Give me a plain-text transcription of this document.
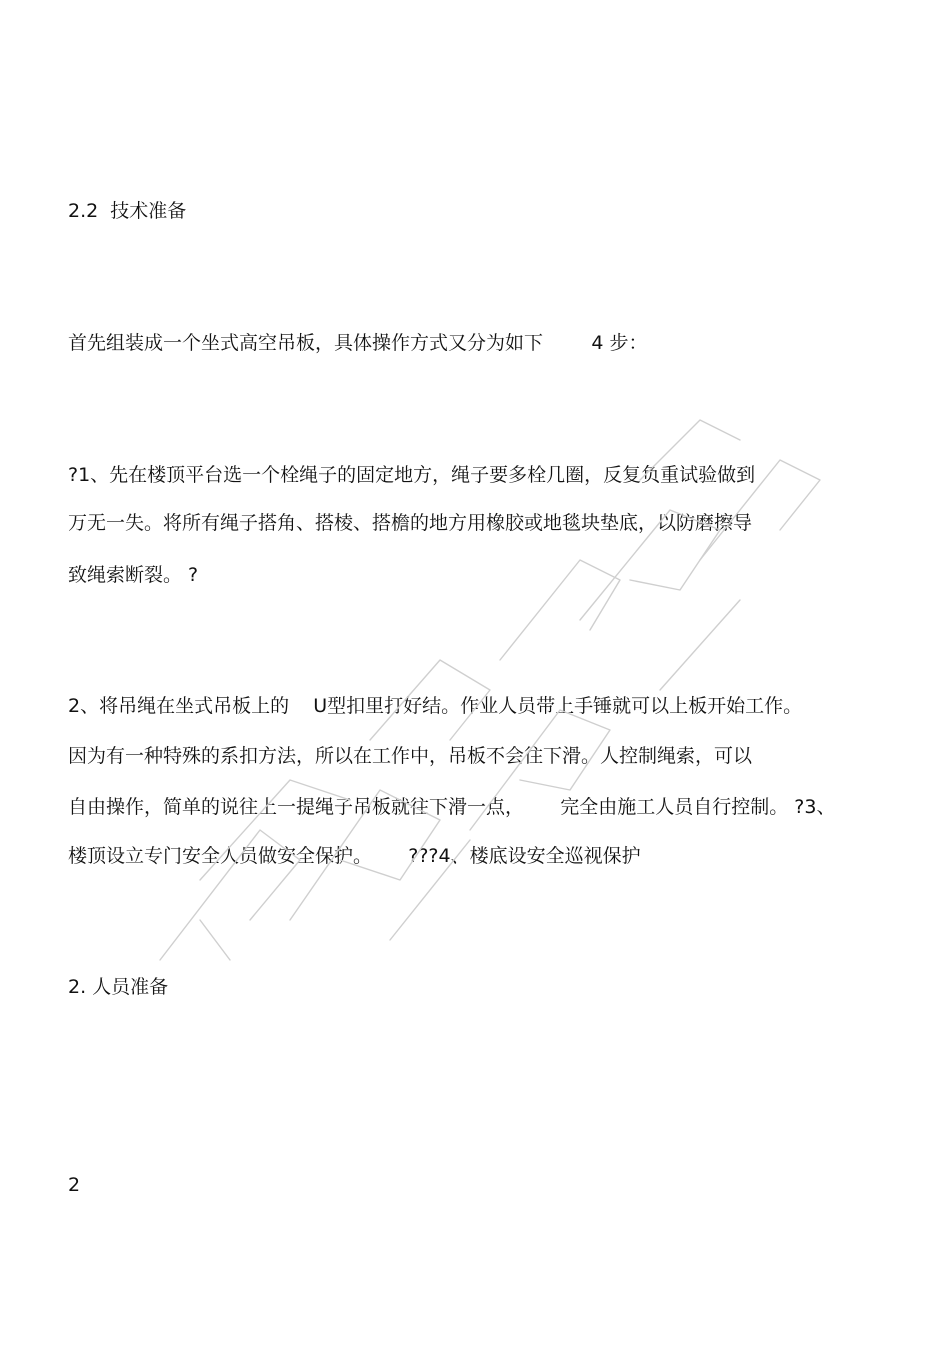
2.2  技术准备
首先组装成一个坐式高空吊板，具体操作方式又分为如下        4 步：
?1、先在楼顶平台选一个栓绳子的固定地方，绳子要多栓几圈，反复负重试验做到
万无一失。将所有绳子搭角、搭棱、搭檐的地方用橡胶或地毯块垫底，以防磨擦导
致绳索断裂。 ?
2、将吊绳在坐式吊板上的    U型扣里打好结。作业人员带上手锤就可以上板开始工作。
因为有一种特殊的系扣方法，所以在工作中，吊板不会往下滑。人控制绳索，可以
自由操作，简单的说往上一提绳子吊板就往下滑一点，      完全由施工人员自行控制。 ?3、
楼顶设立专门安全人员做安全保护。      ???4、楼底设安全巡视保护
2. 人员准备
2
